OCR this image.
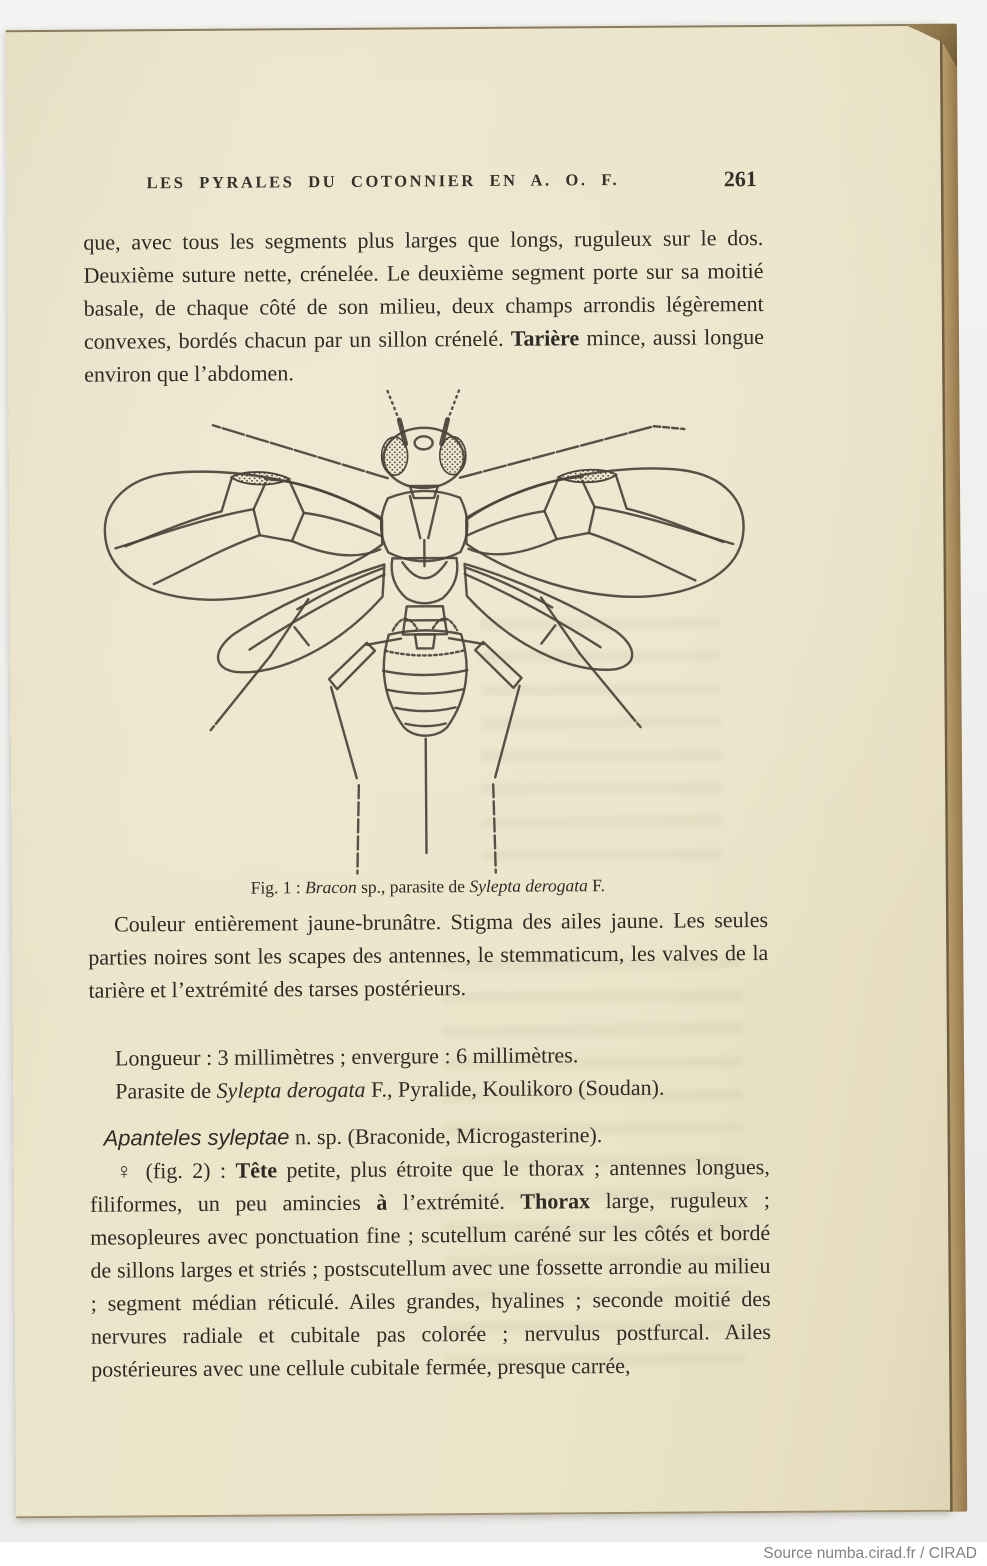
LES PYRALES DU COTONNIER EN A. O. F.	261
que, avec tous les segments plus larges que longs, ruguleux sur le dos. Deuxième suture nette, crénelée. Le deuxième segment porte sur sa moitié basale, de chaque côté de son milieu, deux champs arrondis légèrement convexes, bordés chacun par un sillon crénelé. Tarière mince, aussi longue environ que l’abdomen.
Fig. 1 : Bracon sp., parasite de Sylepta derogata F.
Couleur entièrement jaune-brunâtre. Stigma des ailes jaune. Les seules parties noires sont les scapes des antennes, le stemmaticum, les valves de la tarière et l’extrémité des tarses postérieurs.
Longueur : 3 millimètres ; envergure : 6 millimètres.
Parasite de Sylepta derogata F., Pyralide, Koulikoro (Soudan).
Apanteles syleptae n. sp. (Braconide, Microgasterine).
♀ (fig. 2) : Tête petite, plus étroite que le thorax ; antennes longues, filiformes, un peu amincies à l’extrémité. Thorax large, ruguleux ; mesopleures avec ponctuation fine ; scutellum caréné sur les côtés et bordé de sillons larges et striés ; postscutellum avec une fossette arrondie au milieu ; segment médian réticulé. Ailes grandes, hyalines ; seconde moitié des nervures radiale et cubitale pas colorée ; nervulus postfurcal. Ailes postérieures avec une cellule cubitale fermée, presque carrée,
Source numba.cirad.fr / CIRAD
